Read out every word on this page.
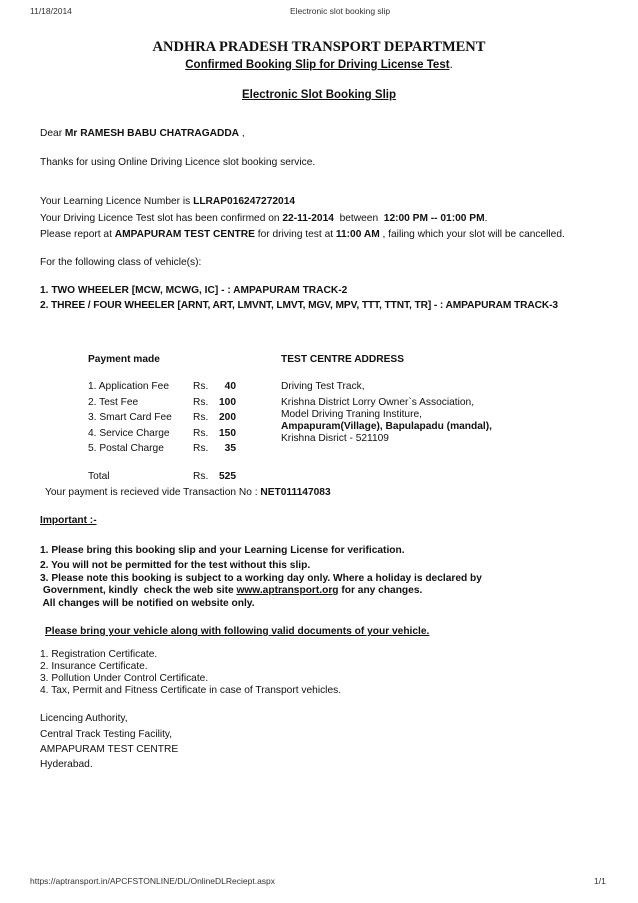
11/18/2014	Electronic slot booking slip
ANDHRA PRADESH TRANSPORT DEPARTMENT
Confirmed Booking Slip for Driving License Test.
Electronic Slot Booking Slip
Dear Mr RAMESH BABU CHATRAGADDA ,
Thanks for using Online Driving Licence slot booking service.
Your Learning Licence Number is LLRAP016247272014
Your Driving Licence Test slot has been confirmed on 22-11-2014  between  12:00 PM -- 01:00 PM.
Please report at AMPAPURAM TEST CENTRE for driving test at 11:00 AM , failing which your slot will be cancelled.
For the following class of vehicle(s):
1. TWO WHEELER [MCW, MCWG, IC] - : AMPAPURAM TRACK-2
2. THREE / FOUR WHEELER [ARNT, ART, LMVNT, LMVT, MGV, MPV, TTT, TTNT, TR] - : AMPAPURAM TRACK-3
Payment made
1. Application Fee Rs.	40
2. Test Fee	Rs.	100
3. Smart Card Fee Rs.	200
4. Service Charge Rs.	150
5. Postal Charge	Rs.	35
Total	Rs.	525
Your payment is recieved vide Transaction No : NET011147083
TEST CENTRE ADDRESS
Driving Test Track,
Krishna District Lorry Owner`s Association,
Model Driving Traning Institure,
Ampapuram(Village), Bapulapadu (mandal),
Krishna Disrict - 521109
Important :-
1. Please bring this booking slip and your Learning License for verification.
2. You will not be permitted for the test without this slip.
3. Please note this booking is subject to a working day only. Where a holiday is declared by
Government, kindly  check the web site www.aptransport.org for any changes.
All changes will be notified on website only.
Please bring your vehicle along with following valid documents of your vehicle.
1. Registration Certificate.
2. Insurance Certificate.
3. Pollution Under Control Certificate.
4. Tax, Permit and Fitness Certificate in case of Transport vehicles.
Licencing Authority,
Central Track Testing Facility,
AMPAPURAM TEST CENTRE
Hyderabad.
https://aptransport.in/APCFSTONLINE/DL/OnlineDLReciept.aspx	1/1
